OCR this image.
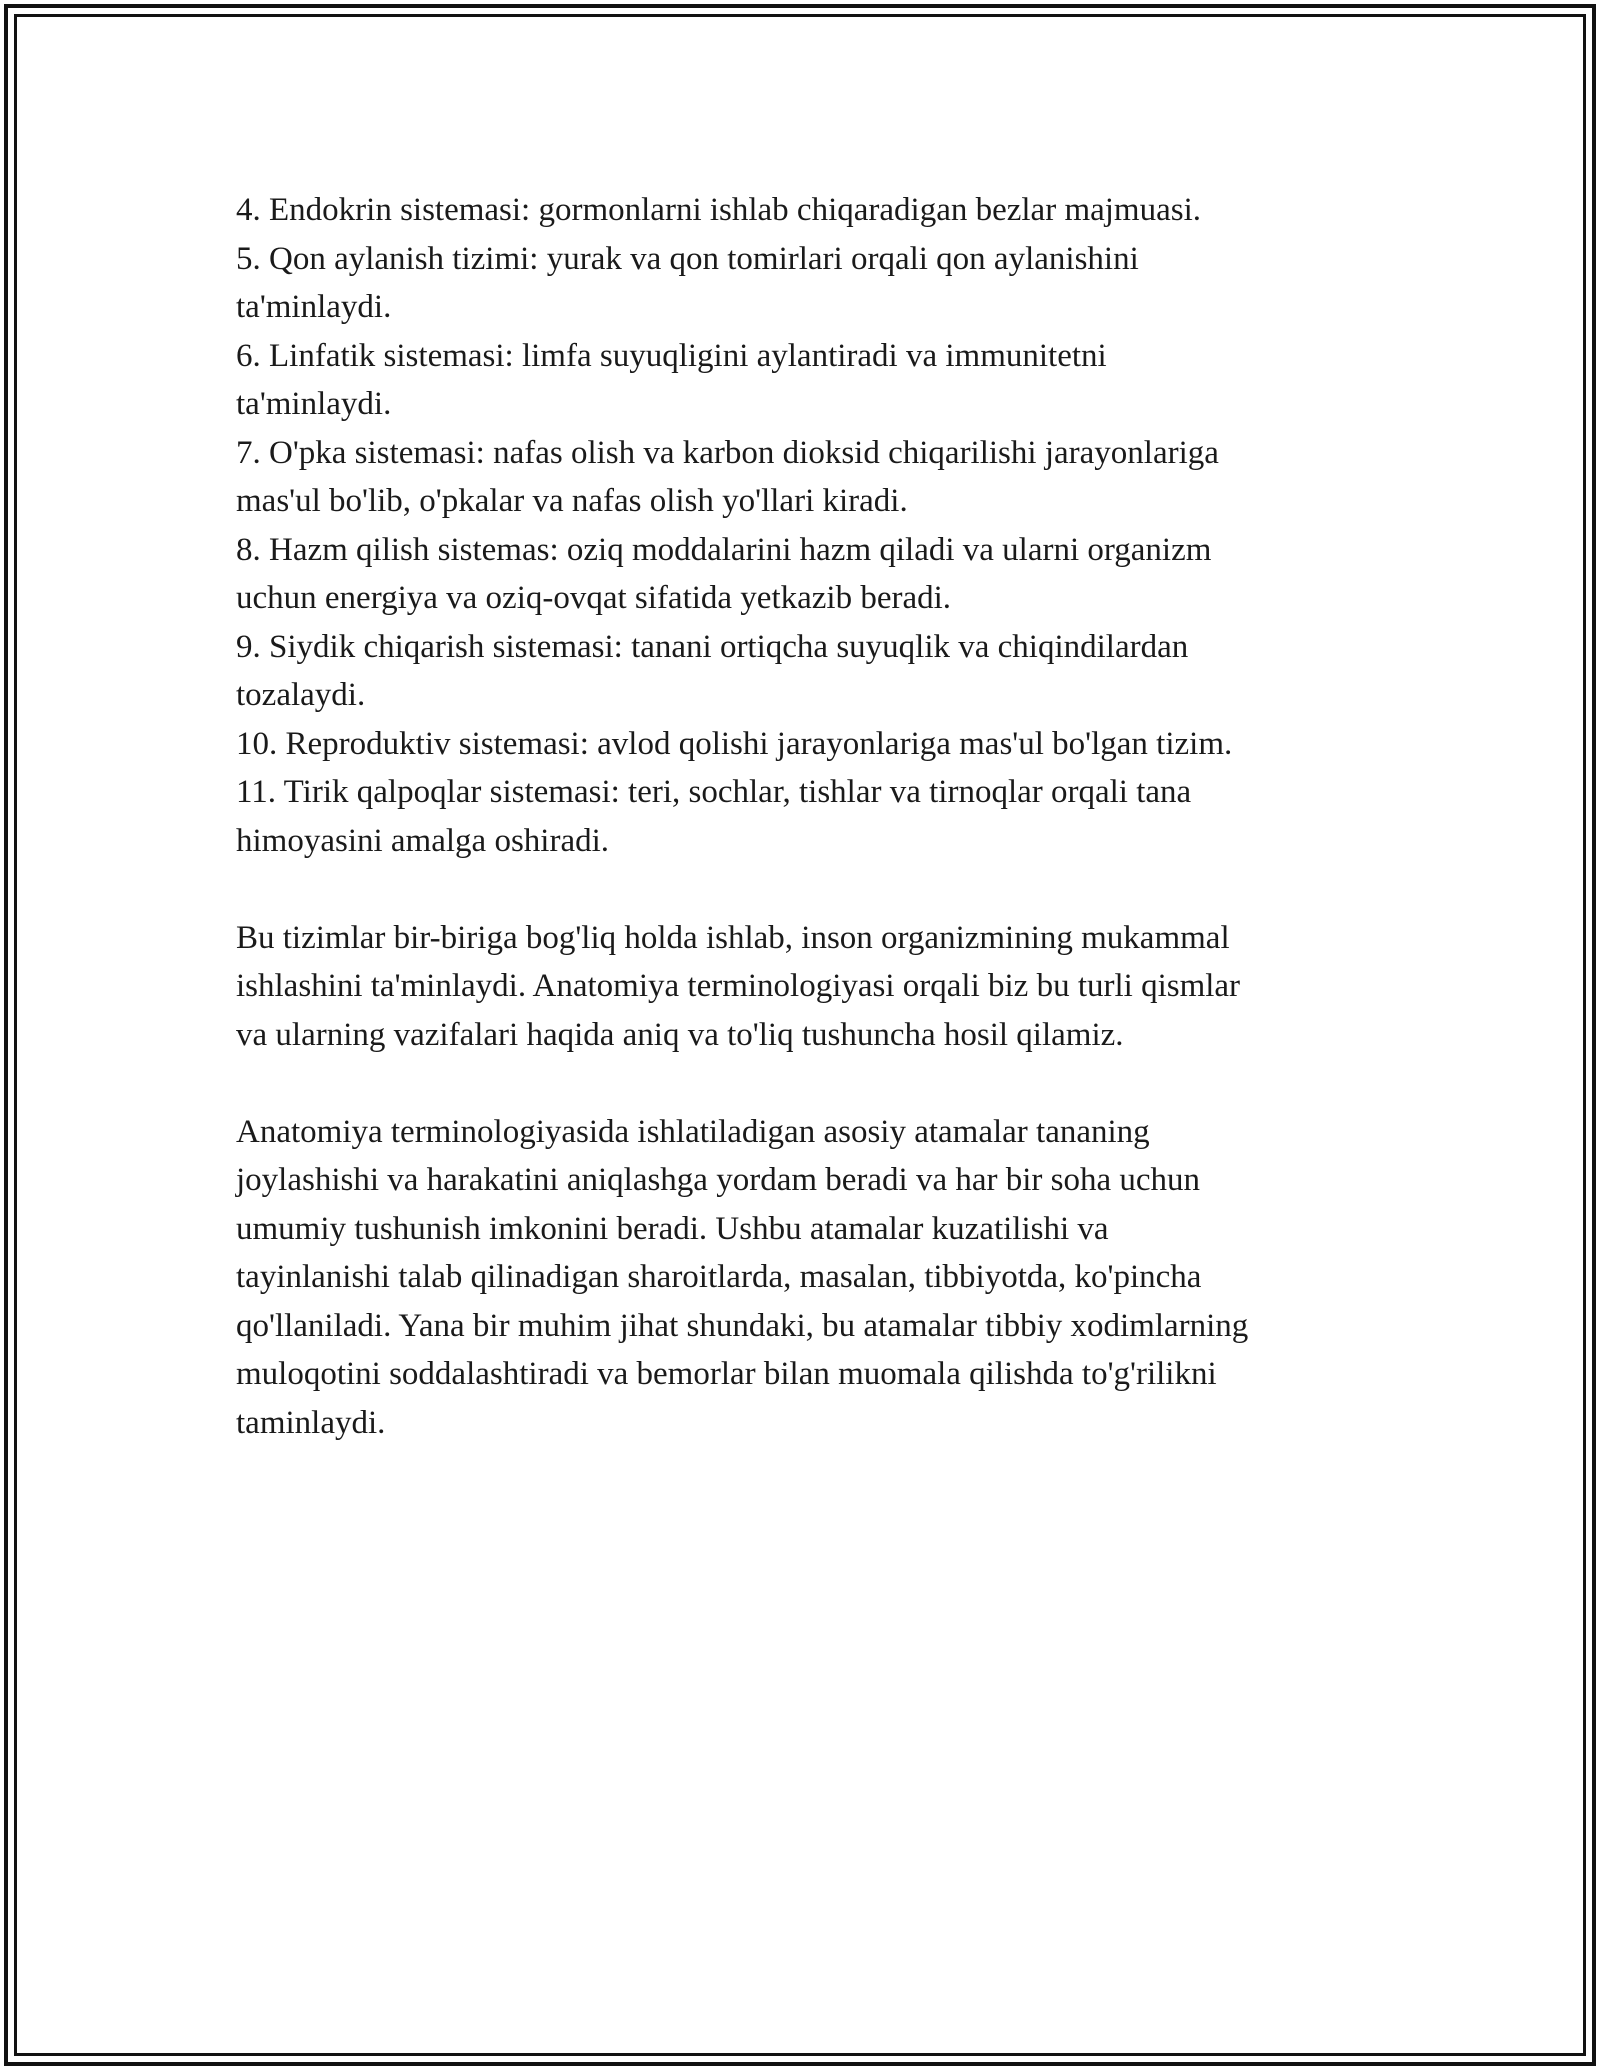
4. Endokrin sistemasi: gormonlarni ishlab chiqaradigan bezlar majmuasi.
5. Qon aylanish tizimi: yurak va qon tomirlari orqali qon aylanishini
ta'minlaydi.
6. Linfatik sistemasi: limfa suyuqligini aylantiradi va immunitetni
ta'minlaydi.
7. O'pka sistemasi: nafas olish va karbon dioksid chiqarilishi jarayonlariga
mas'ul bo'lib, o'pkalar va nafas olish yo'llari kiradi.
8. Hazm qilish sistemas: oziq moddalarini hazm qiladi va ularni organizm
uchun energiya va oziq-ovqat sifatida yetkazib beradi.
9. Siydik chiqarish sistemasi: tanani ortiqcha suyuqlik va chiqindilardan
tozalaydi.
10. Reproduktiv sistemasi: avlod qolishi jarayonlariga mas'ul bo'lgan tizim.
11. Tirik qalpoqlar sistemasi: teri, sochlar, tishlar va tirnoqlar orqali tana
himoyasini amalga oshiradi.
Bu tizimlar bir-biriga bog'liq holda ishlab, inson organizmining mukammal
ishlashini ta'minlaydi. Anatomiya terminologiyasi orqali biz bu turli qismlar
va ularning vazifalari haqida aniq va to'liq tushuncha hosil qilamiz.
Anatomiya terminologiyasida ishlatiladigan asosiy atamalar tananing
joylashishi va harakatini aniqlashga yordam beradi va har bir soha uchun
umumiy tushunish imkonini beradi. Ushbu atamalar kuzatilishi va
tayinlanishi talab qilinadigan sharoitlarda, masalan, tibbiyotda, ko'pincha
qo'llaniladi. Yana bir muhim jihat shundaki, bu atamalar tibbiy xodimlarning
muloqotini soddalashtiradi va bemorlar bilan muomala qilishda to'g'rilikni
taminlaydi.
